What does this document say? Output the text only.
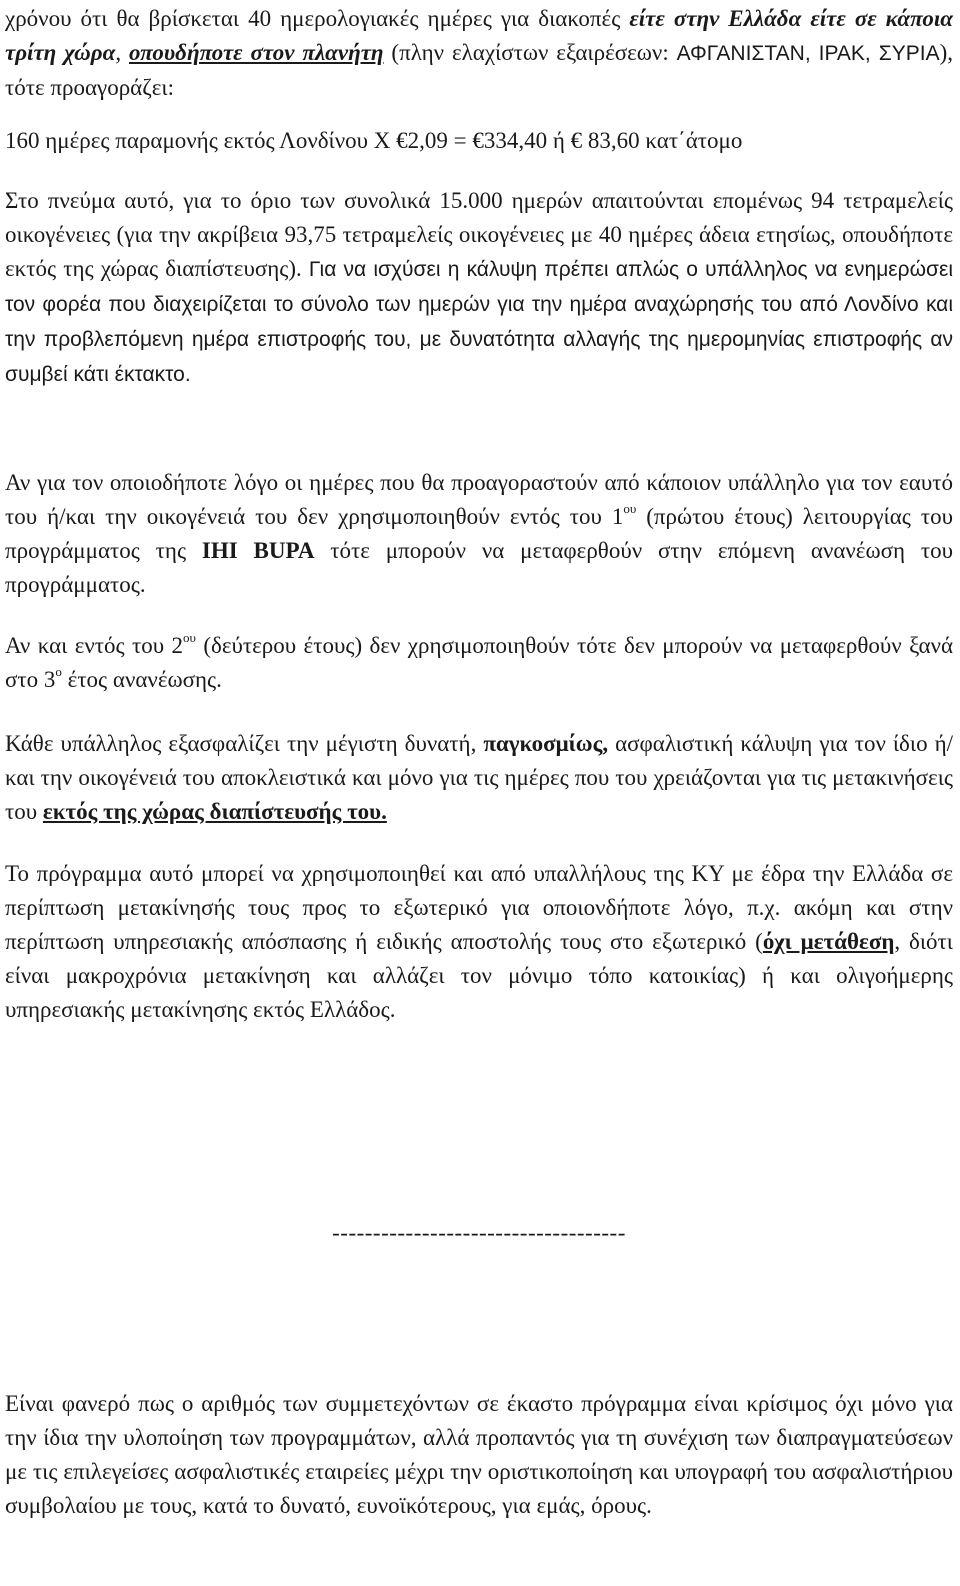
χρόνου ότι θα βρίσκεται 40 ημερολογιακές ημέρες για διακοπές είτε στην Ελλάδα είτε σε κάποια τρίτη χώρα, οπουδήποτε στον πλανήτη (πλην ελαχίστων εξαιρέσεων: ΑΦΓΑΝΙΣΤΑΝ, ΙΡΑΚ, ΣΥΡΙΑ), τότε προαγοράζει:

160 ημέρες παραμονής εκτός Λονδίνου Χ €2,09 = €334,40 ή € 83,60 κατ΄άτομο

Στο πνεύμα αυτό, για το όριο των συνολικά 15.000 ημερών απαιτούνται επομένως 94 τετραμελείς οικογένειες (για την ακρίβεια 93,75 τετραμελείς οικογένειες με 40 ημέρες άδεια ετησίως, οπουδήποτε εκτός της χώρας διαπίστευσης). Για να ισχύσει η κάλυψη πρέπει απλώς ο υπάλληλος να ενημερώσει τον φορέα που διαχειρίζεται το σύνολο των ημερών για την ημέρα αναχώρησής του από Λονδίνο και την προβλεπόμενη ημέρα επιστροφής του, με δυνατότητα αλλαγής της ημερομηνίας επιστροφής αν συμβεί κάτι έκτακτο.

Αν για τον οποιοδήποτε λόγο οι ημέρες που θα προαγοραστούν από κάποιον υπάλληλο για τον εαυτό του ή/και την οικογένειά του δεν χρησιμοποιηθούν εντός του $1^{o\upsilon}$ (πρώτου έτους) λειτουργίας του προγράμματος της IHI BUPA τότε μπορούν να μεταφερθούν στην επόμενη ανανέωση του προγράμματος.

Αν και εντός του $2^{o\upsilon}$ (δεύτερου έτους) δεν χρησιμοποιηθούν τότε δεν μπορούν να μεταφερθούν ξανά στο $3^o$ έτος ανανέωσης.

Κάθε υπάλληλος εξασφαλίζει την μέγιστη δυνατή, παγκοσμίως, ασφαλιστική κάλυψη για τον ίδιο ή/και την οικογένειά του αποκλειστικά και μόνο για τις ημέρες που του χρειάζονται για τις μετακινήσεις του εκτός της χώρας διαπίστευσής του.

Το πρόγραμμα αυτό μπορεί να χρησιμοποιηθεί και από υπαλλήλους της ΚΥ με έδρα την Ελλάδα σε περίπτωση μετακίνησής τους προς το εξωτερικό για οποιονδήποτε λόγο, π.χ. ακόμη και στην περίπτωση υπηρεσιακής απόσπασης ή ειδικής αποστολής τους στο εξωτερικό (όχι μετάθεση, διότι είναι μακροχρόνια μετακίνηση και αλλάζει τον μόνιμο τόπο κατοικίας) ή και ολιγοήμερης υπηρεσιακής μετακίνησης εκτός Ελλάδος.

------------------------------------

Είναι φανερό πως ο αριθμός των συμμετεχόντων σε έκαστο πρόγραμμα είναι κρίσιμος όχι μόνο για την ίδια την υλοποίηση των προγραμμάτων, αλλά προπαντός για τη συνέχιση των διαπραγματεύσεων με τις επιλεγείσες ασφαλιστικές εταιρείες μέχρι την οριστικοποίηση και υπογραφή του ασφαλιστήριου συμβολαίου με τους, κατά το δυνατό, ευνοϊκότερους, για εμάς, όρους.
